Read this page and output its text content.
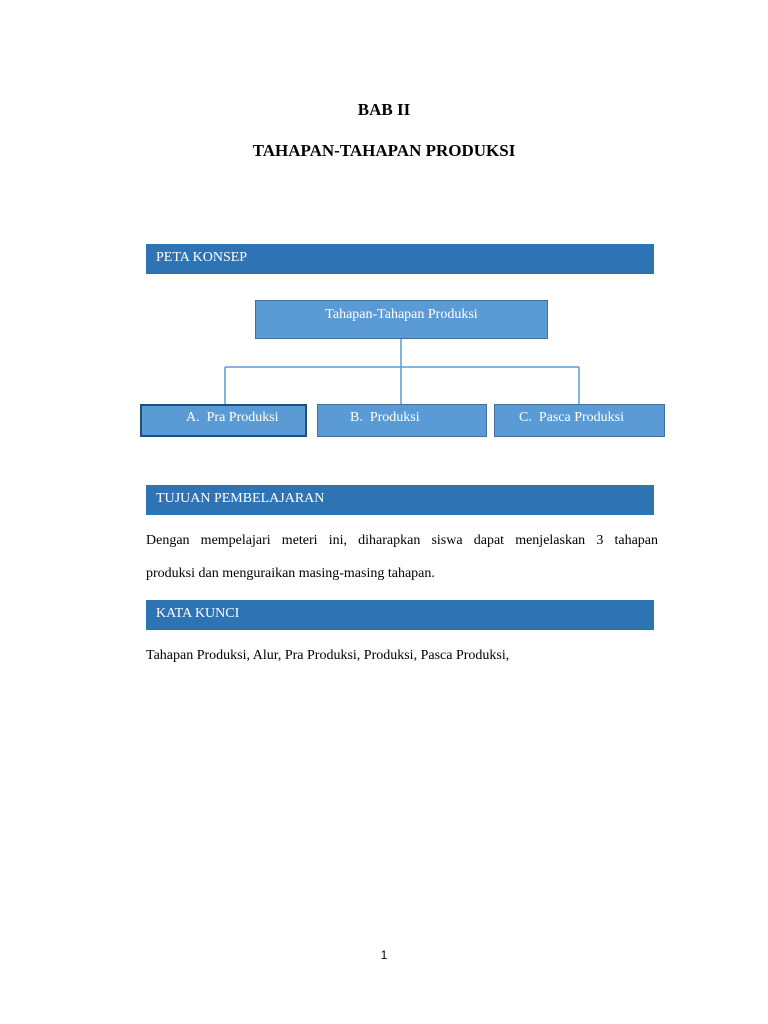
BAB II
TAHAPAN-TAHAPAN PRODUKSI
PETA KONSEP
Tahapan-Tahapan Produksi
A. Pra Produksi	B. Produksi	C. Pasca Produksi
TUJUAN PEMBELAJARAN

Dengan mempelajari meteri ini, diharapkan siswa dapat menjelaskan 3 tahapan

produksi dan menguraikan masing-masing tahapan.

KATA KUNCI

Tahapan Produksi, Alur, Pra Produksi, Produksi, Pasca Produksi,

1
